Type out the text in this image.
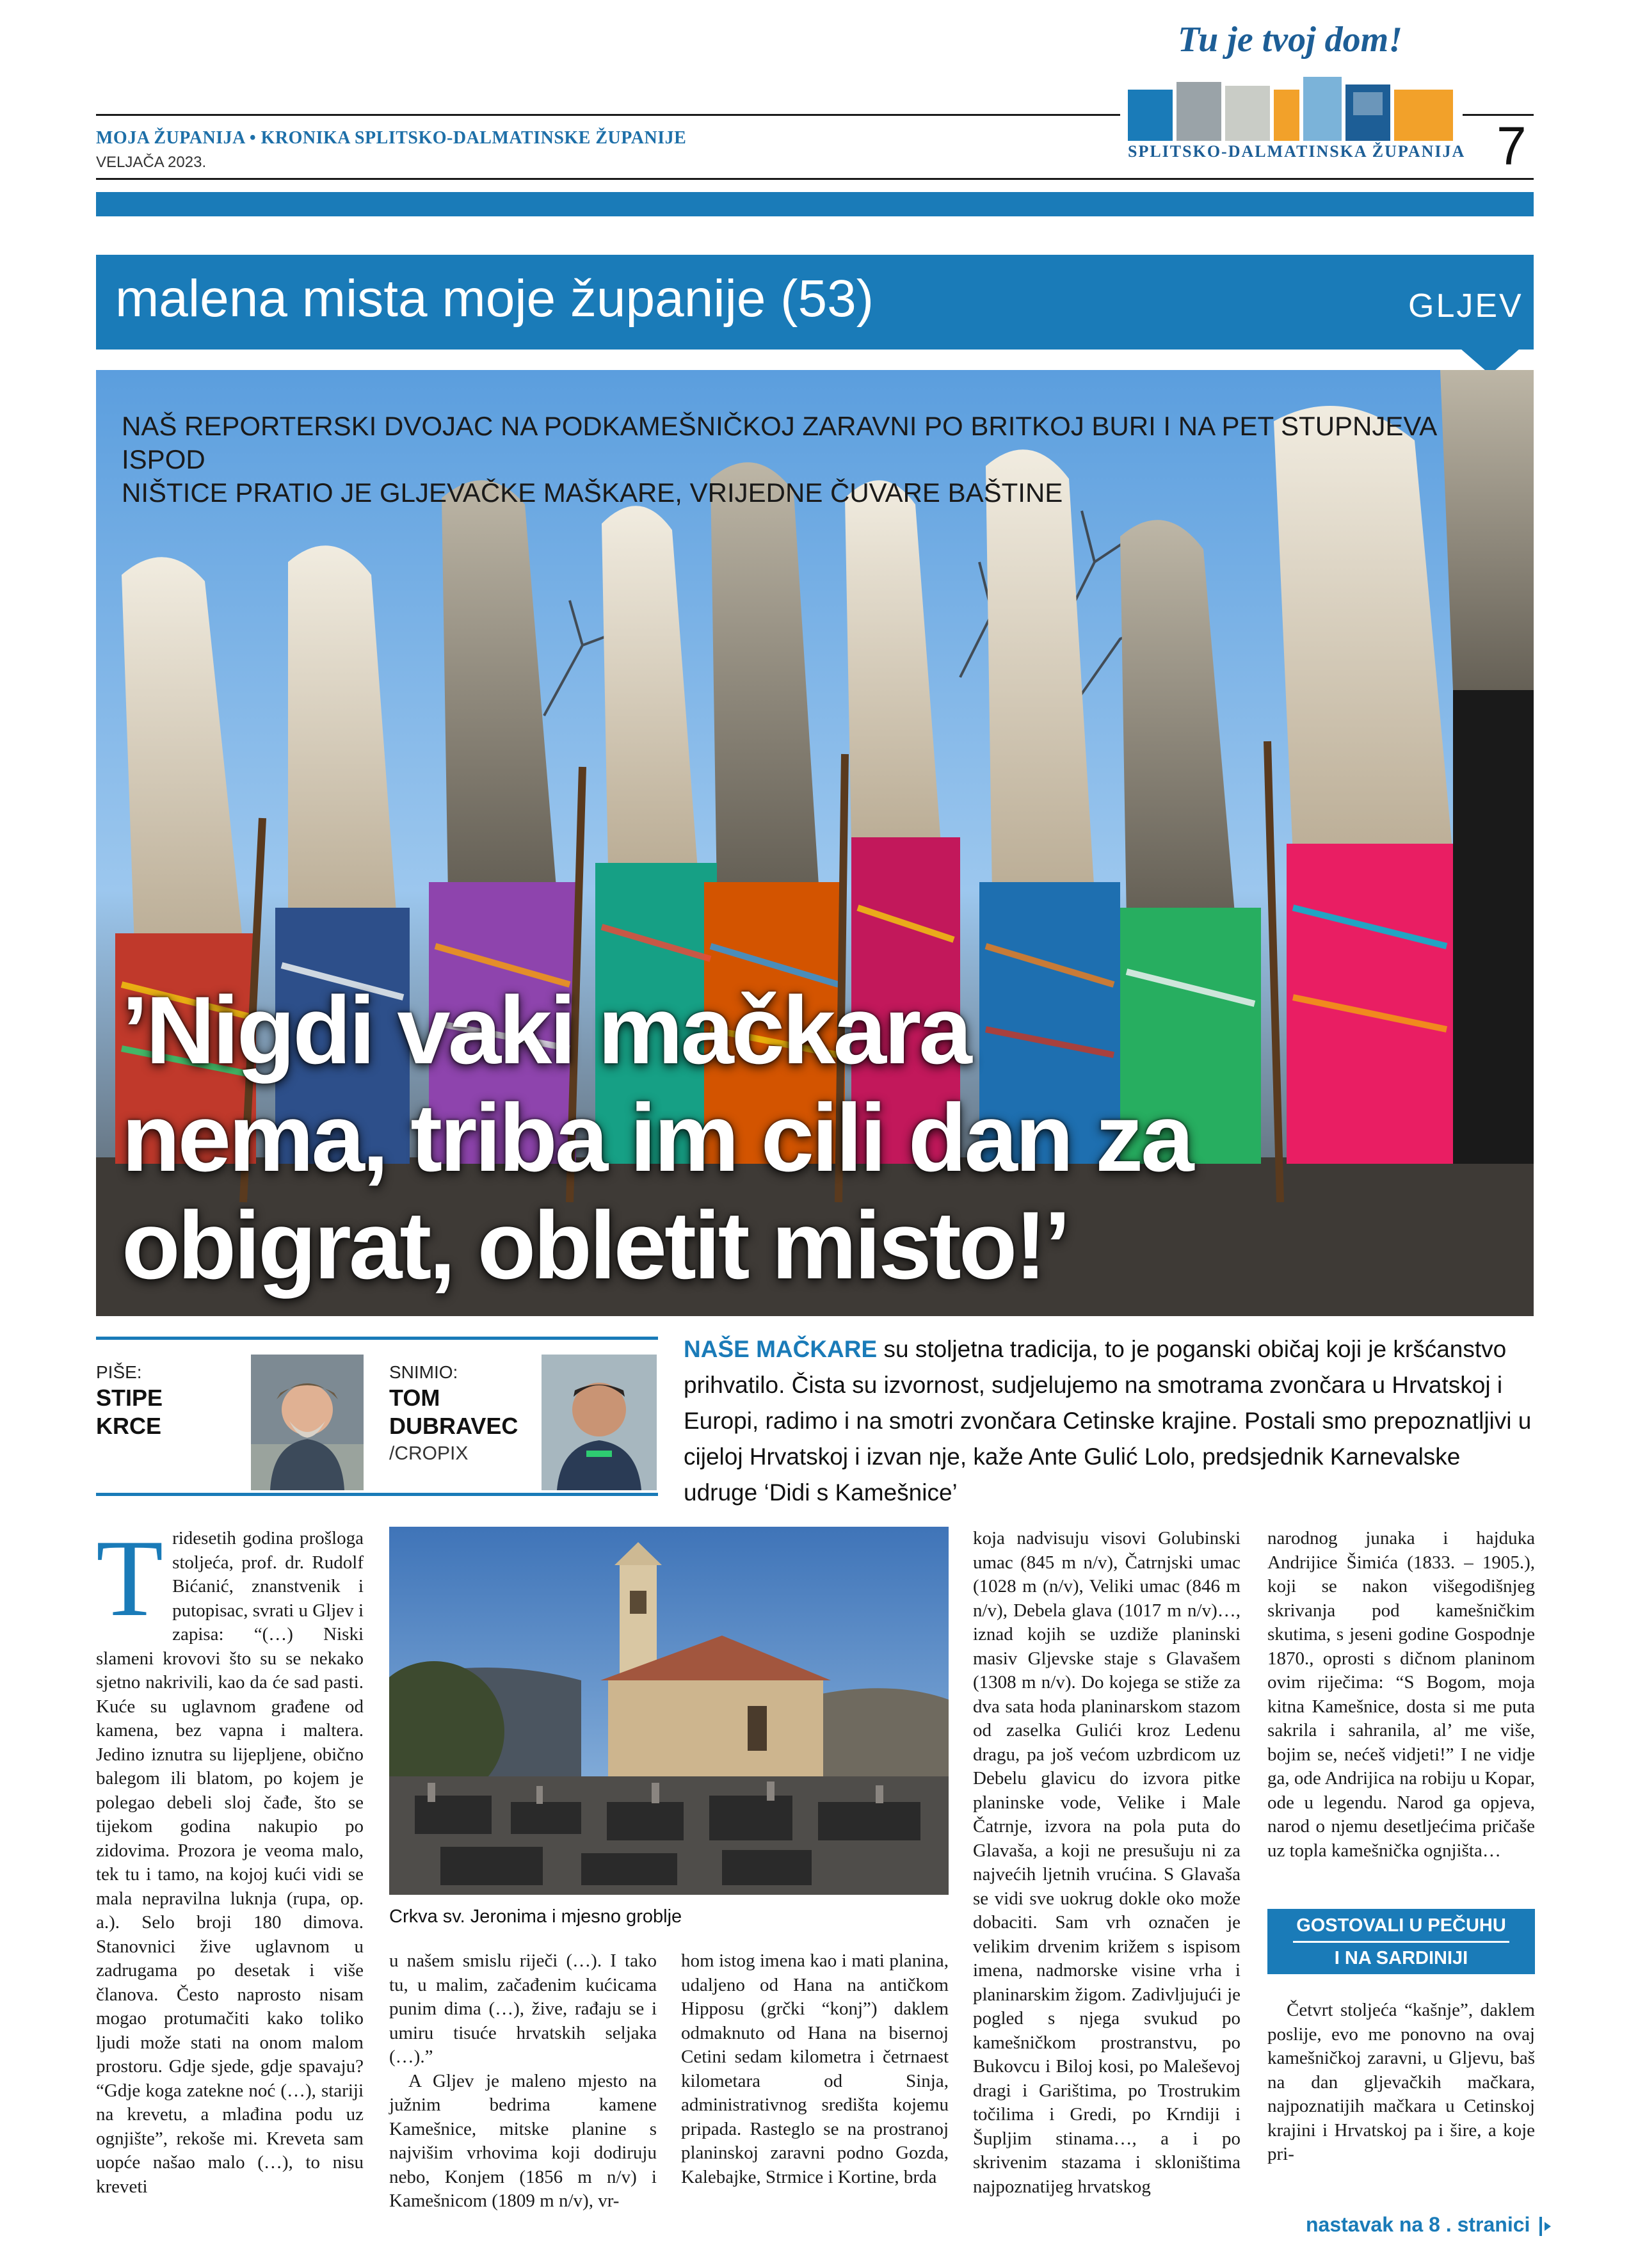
MOJA ŽUPANIJA • KRONIKA SPLITSKO-DALMATINSKE ŽUPANIJE
VELJAČA 2023.	7
Tu je tvoj dom!
SPLITSKO-DALMATINSKA ŽUPANIJA
malena mista moje županije (53)	GLJEV
NAŠ REPORTERSKI DVOJAC NA PODKAMEŠNIČKOJ ZARAVNI PO BRITKOJ BURI I NA PET STUPNJEVA ISPOD
NIŠTICE PRATIO JE GLJEVAČKE MAŠKARE, VRIJEDNE ČUVARE BAŠTINE
’Nigdi vaki mačkara
nema, triba im cili dan za
obigrat, obletit misto!’
PIŠE:
STIPE
KRCE
SNIMIO:
TOM
DUBRAVEC
/CROPIX
NAŠE MAČKARE su stoljetna tradicija, to je poganski običaj koji je kršćanstvo prihvatilo. Čista su izvornost, sudjelujemo na smotrama zvončara u Hrvatskoj i Europi, radimo i na smotri zvončara Cetinske krajine. Postali smo prepoznatljivi u cijeloj Hrvatskoj i izvan nje, kaže Ante Gulić Lolo, predsjednik Karnevalske udruge ‘Didi s Kamešnice’
T ridesetih godina prošloga stoljeća, prof. dr. Rudolf Bićanić, znanstvenik i putopisac, svrati u Gljev i zapisa: “(…) Niski slameni krovovi što su se nekako sjetno nakrivili, kao da će sad pasti. Kuće su uglavnom građene od kamena, bez vapna i maltera. Jedino iznutra su lijepljene, obično balegom ili blatom, po kojem je polegao debeli sloj čađe, što se tijekom godina nakupio po zidovima. Prozora je veoma malo, tek tu i tamo, na kojoj kući vidi se mala nepravilna luknja (rupa, op. a.). Selo broji 180 dimova. Stanovnici žive uglavnom u zadrugama po desetak i više članova. Često naprosto nisam mogao protumačiti kako toliko ljudi može stati na onom malom prostoru. Gdje sjede, gdje spavaju? “Gdje koga zatekne noć (…), stariji na krevetu, a mlađina podu uz ognjište”, rekoše mi. Kreveta sam uopće našao malo (…), to nisu kreveti

Crkva sv. Jeronima i mjesno groblje

u našem smislu riječi (…). I tako tu, u malim, začađenim kućicama punim dima (…), žive, rađaju se i umiru tisuće hrvatskih seljaka (…).”

A Gljev je maleno mjesto na južnim bedrima kamene Kamešnice, mitske planine s najvišim vrhovima koji dodiruju nebo, Konjem (1856 m n/v) i Kamešnicom (1809 m n/v), vr-

hom istog imena kao i mati planina, udaljeno od Hana na antičkom Hipposu (grčki “konj”) daklem odmaknuto od Hana na bisernoj Cetini sedam kilometra i četrnaest kilometara od Sinja, administrativnog središta kojemu pripada. Rasteglo se na prostranoj planinskoj zaravni podno Gozda, Kalebajke, Strmice i Kortine, brda

koja nadvisuju visovi Golubinski umac (845 m n/v), Čatrnjski umac (1028 m (n/v), Veliki umac (846 m n/v), Debela glava (1017 m n/v)…, iznad kojih se uzdiže planinski masiv Gljevske staje s Glavašem (1308 m n/v). Do kojega se stiže za dva sata hoda planinarskom stazom od zaselka Gulići kroz Ledenu dragu, pa još većom uzbrdicom uz Debelu glavicu do izvora pitke planinske vode, Velike i Male Čatrnje, izvora na pola puta do Glavaša, a koji ne presušuju ni za najvećih ljetnih vrućina. S Glavaša se vidi sve uokrug dokle oko može dobaciti. Sam vrh označen je velikim drvenim križem s ispisom imena, nadmorske visine vrha i planinarskim žigom. Zadivljujući je pogled s njega svukud po kamešničkom prostranstvu, po Bukovcu i Biloj kosi, po Maleševoj dragi i Garištima, po Trostrukim točilima i Gredi, po Krndiji i Šupljim stinama…, a i po skrivenim stazama i skloništima najpoznatijeg hrvatskog

narodnog junaka i hajduka Andrijice Šimića (1833. – 1905.), koji se nakon višegodišnjeg skrivanja pod kamešničkim skutima, s jeseni godine Gospodnje 1870., oprosti s dičnom planinom ovim riječima: “S Bogom, moja kitna Kamešnice, dosta si me puta sakrila i sahranila, al’ me više, bojim se, nećeš vidjeti!” I ne vidje ga, ode Andrijica na robiju u Kopar, ode u legendu. Narod ga opjeva, narod o njemu desetljećima pričaše uz topla kamešnička ognjišta…

GOSTOVALI U PEČUHU
I NA SARDINIJI

Četvrt stoljeća “kašnje”, daklem poslije, evo me ponovno na ovaj kamešničkoj zaravni, u Gljevu, baš na dan gljevačkih mačkara, najpoznatijih mačkara u Cetinskoj krajini i Hrvatskoj pa i šire, a koje pri-

nastavak na 8 . stranici
